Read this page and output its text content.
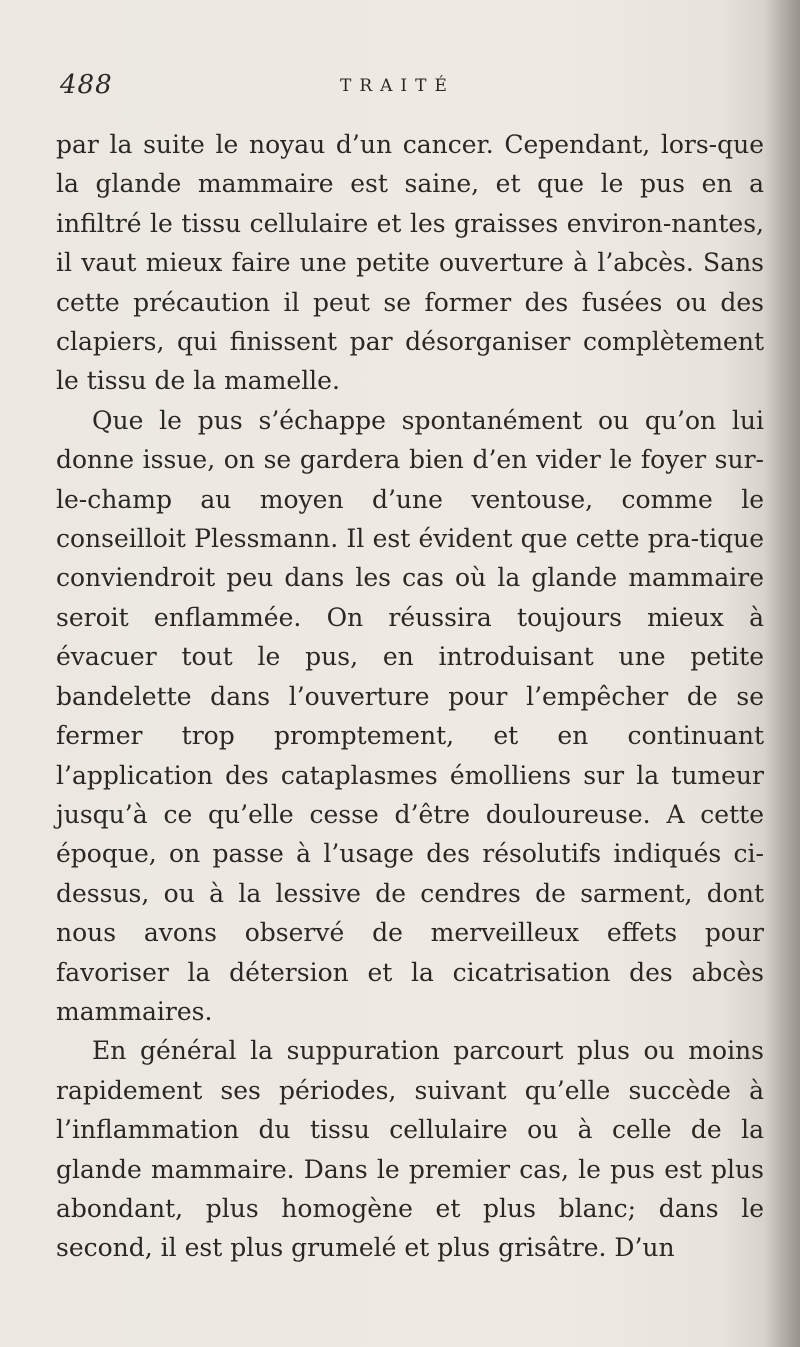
488	TRAITÉ

par la suite le noyau d’un cancer. Cependant, lors-que la glande mammaire est saine, et que le pus en a infiltré le tissu cellulaire et les graisses environ-nantes, il vaut mieux faire une petite ouverture à l’abcès. Sans cette précaution il peut se former des fusées ou des clapiers, qui finissent par désorganiser complètement le tissu de la mamelle.

Que le pus s’échappe spontanément ou qu’on lui donne issue, on se gardera bien d’en vider le foyer sur-le-champ au moyen d’une ventouse, comme le conseilloit Plessmann. Il est évident que cette pra-tique conviendroit peu dans les cas où la glande mammaire seroit enflammée. On réussira toujours mieux à évacuer tout le pus, en introduisant une petite bandelette dans l’ouverture pour l’empêcher de se fermer trop promptement, et en continuant l’application des cataplasmes émolliens sur la tumeur jusqu’à ce qu’elle cesse d’être douloureuse. A cette époque, on passe à l’usage des résolutifs indiqués ci-dessus, ou à la lessive de cendres de sarment, dont nous avons observé de merveilleux effets pour favoriser la détersion et la cicatrisation des abcès mammaires.

En général la suppuration parcourt plus ou moins rapidement ses périodes, suivant qu’elle succède à l’inflammation du tissu cellulaire ou à celle de la glande mammaire. Dans le premier cas, le pus est plus abondant, plus homogène et plus blanc; dans le second, il est plus grumelé et plus grisâtre. D’un
